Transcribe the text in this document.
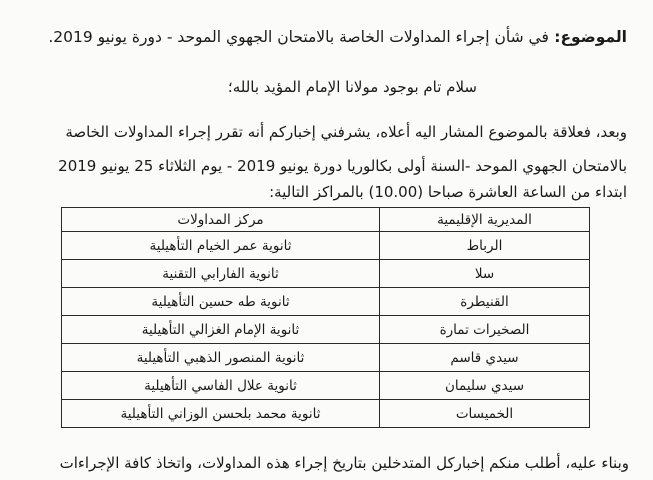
الموضوع: في شأن إجراء المداولات الخاصة بالامتحان الجهوي الموحد - دورة يونيو 2019.
سلام تام بوجود مولانا الإمام المؤيد بالله؛
وبعد، فعلاقة بالموضوع المشار اليه أعلاه، يشرفني إخباركم أنه تقرر إجراء المداولات الخاصة
بالامتحان الجهوي الموحد -السنة أولى بكالوريا دورة يونيو 2019 - يوم الثلاثاء 25 يونيو 2019
ابتداء من الساعة العاشرة صباحا (10.00) بالمراكز التالية:
المديرية الإقليمية	مركز المداولات
الرباط	ثانوية عمر الخيام التأهيلية
سلا	ثانوية الفارابي التقنية
القنيطرة	ثانوية طه حسين التأهيلية
الصخيرات تمارة	ثانوية الإمام الغزالي التأهيلية
سيدي قاسم	ثانوية المنصور الذهبي التأهيلية
سيدي سليمان	ثانوية علال الفاسي التأهيلية
الخميسات	ثانوية محمد بلحسن الوزاني التأهيلية
وبناء عليه، أطلب منكم إخباركل المتدخلين بتاريخ إجراء هذه المداولات، واتخاذ كافة الإجراءات
